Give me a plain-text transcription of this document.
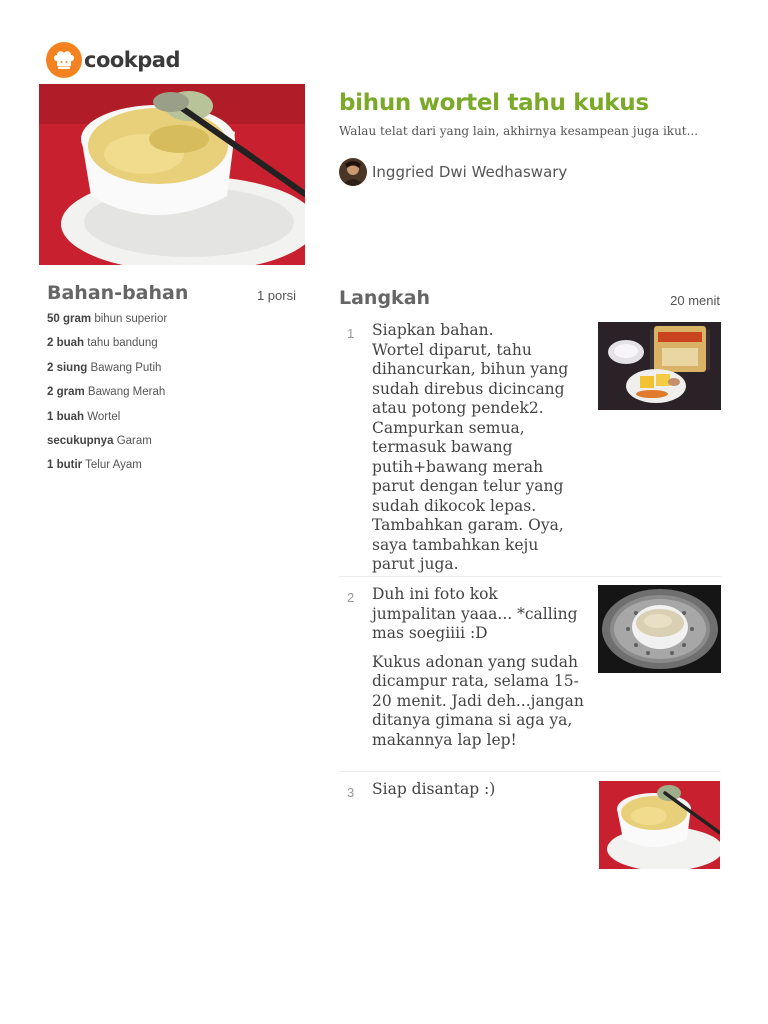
cookpad
bihun wortel tahu kukus
Walau telat dari yang lain, akhirnya kesampean juga ikut...
Inggried Dwi Wedhaswary
Bahan-bahan	1 porsi
50 gram bihun superior
2 buah tahu bandung
2 siung Bawang Putih
2 gram Bawang Merah
1 buah Wortel
secukupnya Garam
1 butir Telur Ayam
Langkah	20 menit
1 Siapkan bahan.
Wortel diparut, tahu dihancurkan, bihun yang sudah direbus dicincang atau potong pendek2. Campurkan semua, termasuk bawang putih+bawang merah parut dengan telur yang sudah dikocok lepas. Tambahkan garam. Oya, saya tambahkan keju parut juga.

2 Duh ini foto kok jumpalitan yaaa... *calling mas soegiiii :D

Kukus adonan yang sudah dicampur rata, selama 15-20 menit. Jadi deh...jangan ditanya gimana si aga ya, makannya lap lep!

3 Siap disantap :)
